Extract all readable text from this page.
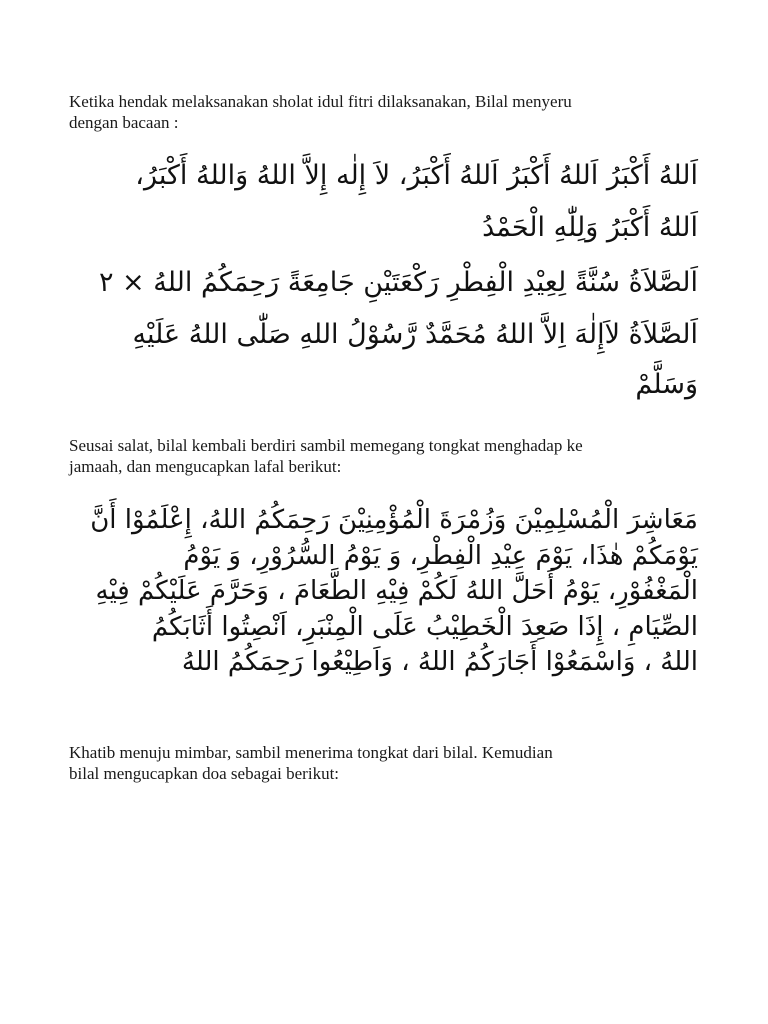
Ketika hendak melaksanakan sholat idul fitri dilaksanakan, Bilal menyeru
dengan bacaan :
اَللهُ أَكْبَرُ اَللهُ أَكْبَرُ اَللهُ أَكْبَرُ، لاَ إِلٰه إِلاَّ اللهُ وَاللهُ أَكْبَرُ،
اَللهُ أَكْبَرُ وَلِلّٰهِ الْحَمْدُ
اَلصَّلاَةُ سُنَّةً لِعِيْدِ الْفِطْرِ رَكْعَتَيْنِ جَامِعَةً رَحِمَكُمُ اللهُ × ٢
اَلصَّلاَةُ لاَإِلٰهَ اِلاَّ اللهُ مُحَمَّدٌ رَّسُوْلُ اللهِ صَلّٰى اللهُ عَلَيْهِ
وَسَلَّمْ
Seusai salat, bilal kembali berdiri sambil memegang tongkat menghadap ke
jamaah, dan mengucapkan lafal berikut:
مَعَاشِرَ الْمُسْلِمِيْنَ وَزُمْرَةَ الْمُؤْمِنِيْنَ رَحِمَكُمُ اللهُ، إِعْلَمُوْا أَنَّ
يَوْمَكُمْ هٰذَا، يَوْمَ عِيْدِ الْفِطْرِ، وَ يَوْمُ السُّرُوْرِ، وَ يَوْمُ
الْمَغْفُوْرِ، يَوْمُ أَحَلَّ اللهُ لَكُمْ فِيْهِ الطَّعَامَ ، وَحَرَّمَ عَلَيْكُمْ فِيْهِ
الصِّيَامِ ، إِذَا صَعِدَ الْخَطِيْبُ عَلَى الْمِنْبَرِ، اَنْصِتُوا أَثَابَكُمُ
اللهُ ، وَاسْمَعُوْا أَجَارَكُمُ اللهُ ، وَاَطِيْعُوا رَحِمَكُمُ اللهُ
Khatib menuju mimbar, sambil menerima tongkat dari bilal. Kemudian
bilal mengucapkan doa sebagai berikut:
